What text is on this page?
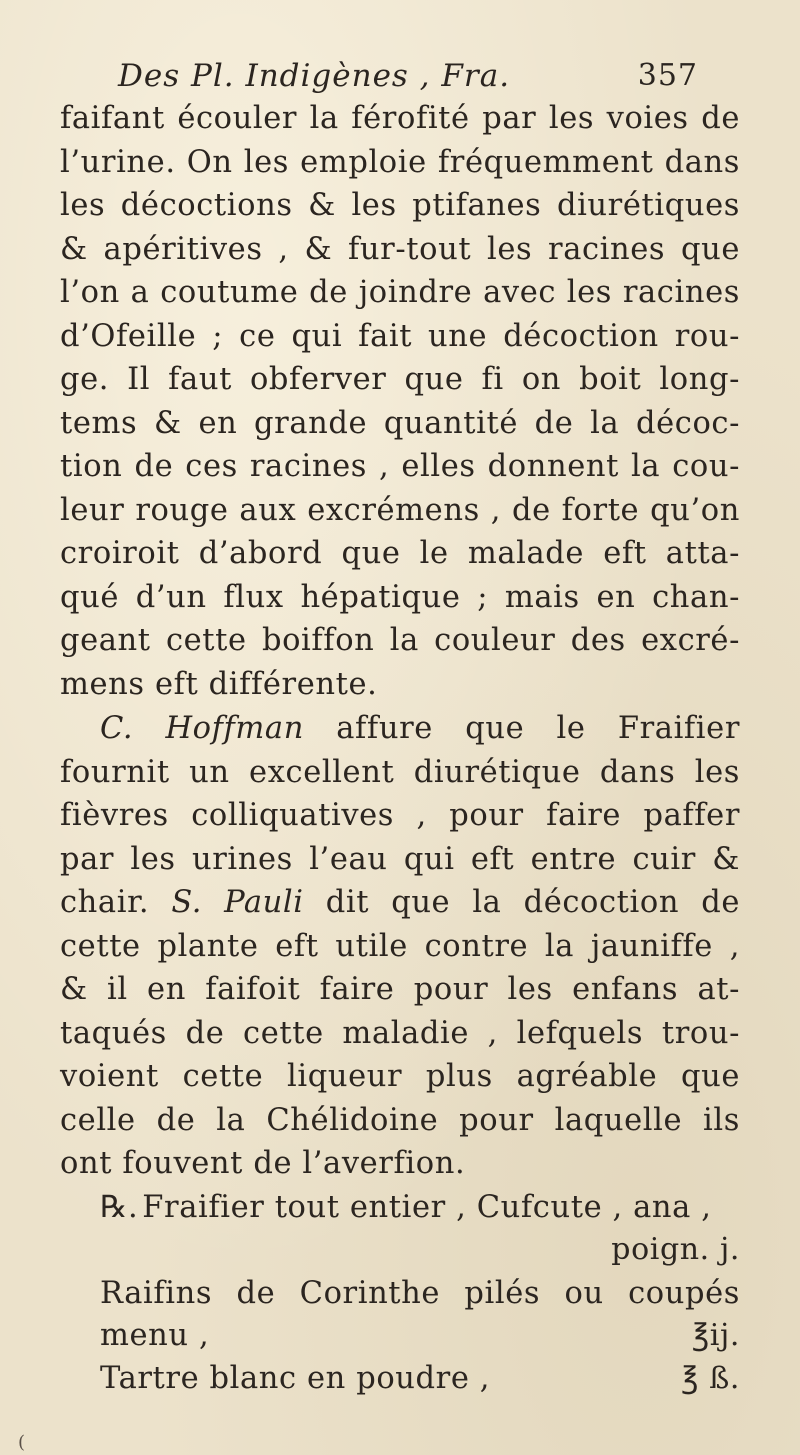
Des Pl. Indigènes , Fra.	357
faifant écouler la férofité par les voies de
l’urine. On les emploie fréquemment dans
les décoctions & les ptifanes diurétiques
& apéritives , & fur-tout les racines que
l’on a coutume de joindre avec les racines
d’Ofeille ; ce qui fait une décoction rou-
ge. Il faut obferver que fi on boit long-
tems & en grande quantité de la décoc-
tion de ces racines , elles donnent la cou-
leur rouge aux excrémens , de forte qu’on
croiroit d’abord que le malade eft atta-
qué d’un flux hépatique ; mais en chan-
geant cette boiffon la couleur des excré-
mens eft différente.
C. Hoffman affure que le Fraifier
fournit un excellent diurétique dans les
fièvres colliquatives , pour faire paffer
par les urines l’eau qui eft entre cuir &
chair. S. Pauli dit que la décoction de
cette plante eft utile contre la jauniffe ,
& il en faifoit faire pour les enfans at-
taqués de cette maladie , lefquels trou-
voient cette liqueur plus agréable que
celle de la Chélidoine pour laquelle ils
ont fouvent de l’averfion.
℞. Fraifier tout entier , Cufcute , ana ,
poign. j.
Raifins de Corinthe pilés ou coupés
menu ,	℥ij.
Tartre blanc en poudre ,	℥ ß.
(
